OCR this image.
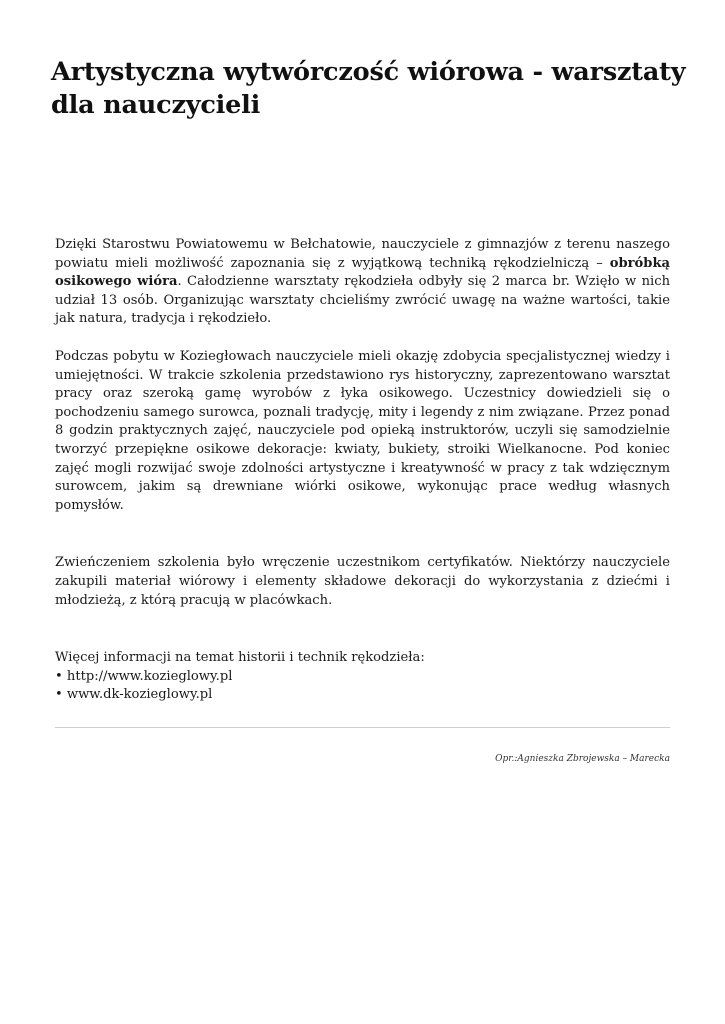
Artystyczna wytwórczość wiórowa - warsztaty dla nauczycieli

Dzięki Starostwu Powiatowemu w Bełchatowie, nauczyciele z gimnazjów z terenu naszego powiatu mieli możliwość zapoznania się z wyjątkową techniką rękodzielniczą – obróbką osikowego wióra. Całodzienne warsztaty rękodzieła odbyły się 2 marca br. Wzięło w nich udział 13 osób. Organizując warsztaty chcieliśmy zwrócić uwagę na ważne wartości, takie jak natura, tradycja i rękodzieło.

Podczas pobytu w Koziegłowach nauczyciele mieli okazję zdobycia specjalistycznej wiedzy i umiejętności. W trakcie szkolenia przedstawiono rys historyczny, zaprezentowano warsztat pracy oraz szeroką gamę wyrobów z łyka osikowego. Uczestnicy dowiedzieli się o pochodzeniu samego surowca, poznali tradycję, mity i legendy z nim związane. Przez ponad 8 godzin praktycznych zajęć, nauczyciele pod opieką instruktorów, uczyli się samodzielnie tworzyć przepiękne osikowe dekoracje: kwiaty, bukiety, stroiki Wielkanocne. Pod koniec zajęć mogli rozwijać swoje zdolności artystyczne i kreatywność w pracy z tak wdzięcznym surowcem, jakim są drewniane wiórki osikowe, wykonując prace według własnych pomysłów.

Zwieńczeniem szkolenia było wręczenie uczestnikom certyfikatów. Niektórzy nauczyciele zakupili materiał wiórowy i elementy składowe dekoracji do wykorzystania z dziećmi i młodzieżą, z którą pracują w placówkach.

Więcej informacji na temat historii i technik rękodzieła:

• http://www.kozieglowy.pl
• www.dk-kozieglowy.pl
Opr.:Agnieszka Zbrojewska – Marecka
